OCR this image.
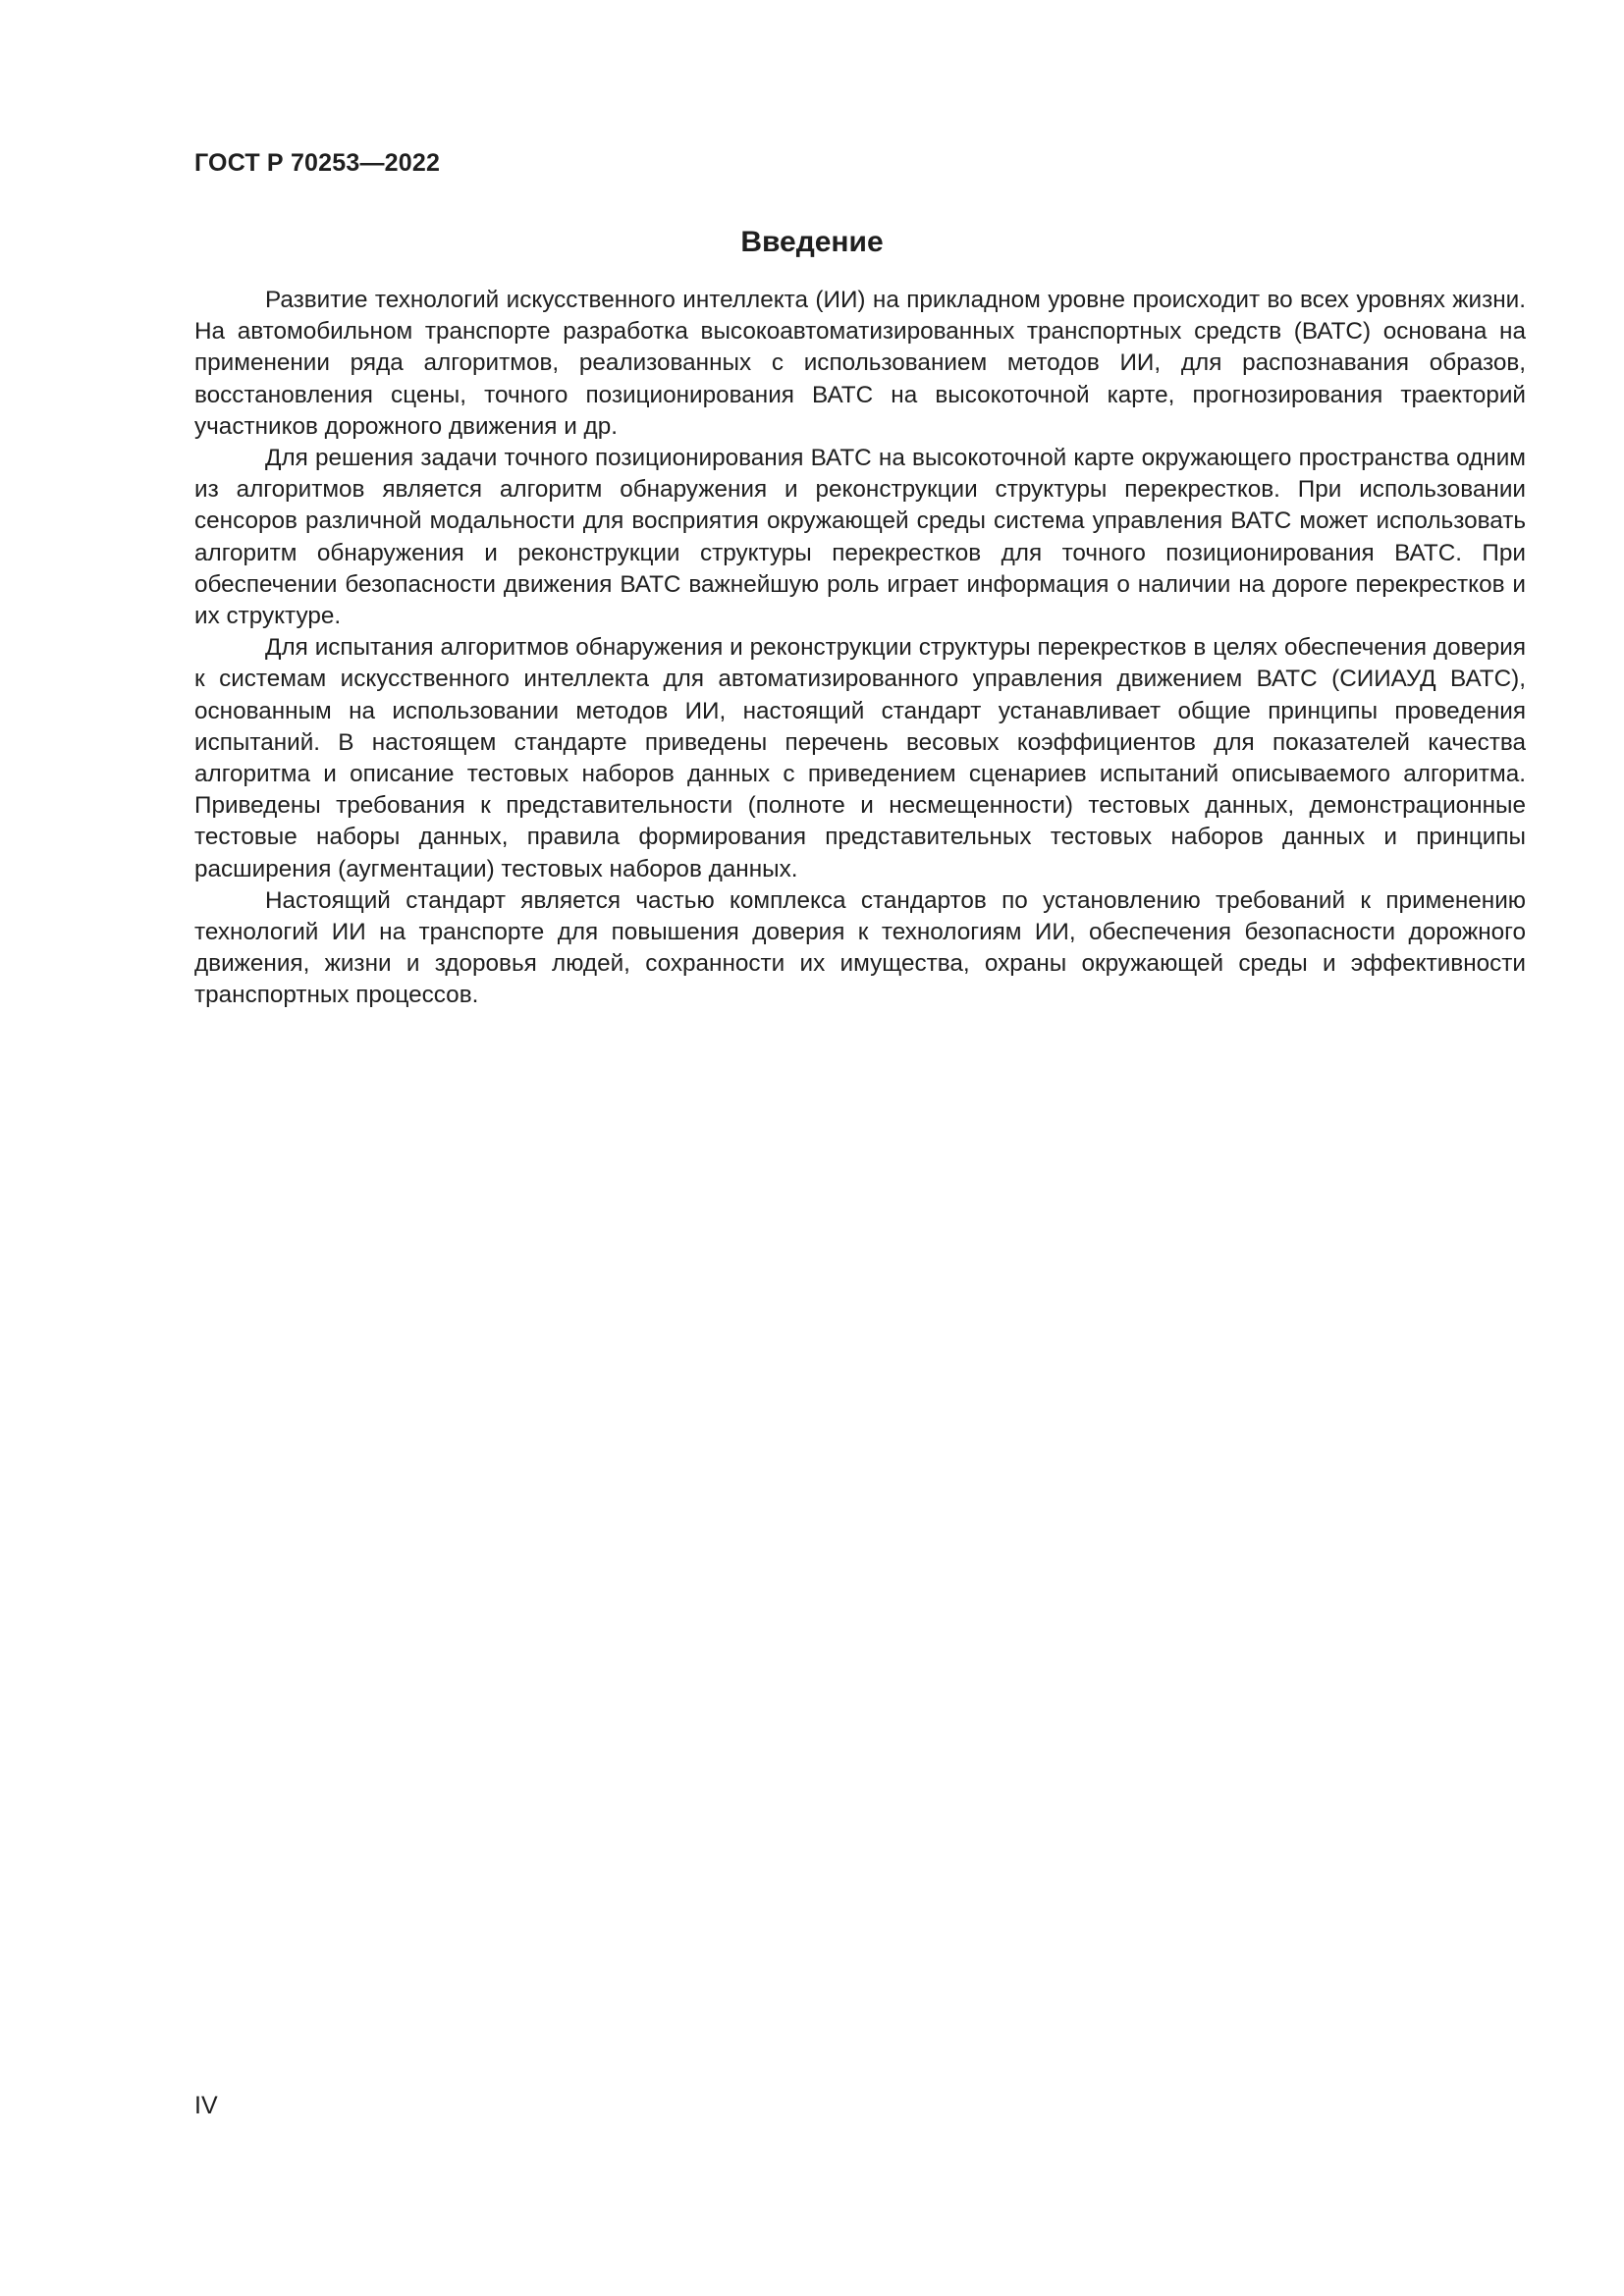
ГОСТ Р 70253—2022
Введение

Развитие технологий искусственного интеллекта (ИИ) на прикладном уровне происходит во всех уровнях жизни. На автомобильном транспорте разработка высокоавтоматизированных транспортных средств (ВАТС) основана на применении ряда алгоритмов, реализованных с использованием методов ИИ, для распознавания образов, восстановления сцены, точного позиционирования ВАТС на высокоточной карте, прогнозирования траекторий участников дорожного движения и др.

Для решения задачи точного позиционирования ВАТС на высокоточной карте окружающего пространства одним из алгоритмов является алгоритм обнаружения и реконструкции структуры перекрестков. При использовании сенсоров различной модальности для восприятия окружающей среды система управления ВАТС может использовать алгоритм обнаружения и реконструкции структуры перекрестков для точного позиционирования ВАТС. При обеспечении безопасности движения ВАТС важнейшую роль играет информация о наличии на дороге перекрестков и их структуре.

Для испытания алгоритмов обнаружения и реконструкции структуры перекрестков в целях обеспечения доверия к системам искусственного интеллекта для автоматизированного управления движением ВАТС (СИИАУД ВАТС), основанным на использовании методов ИИ, настоящий стандарт устанавливает общие принципы проведения испытаний. В настоящем стандарте приведены перечень весовых коэффициентов для показателей качества алгоритма и описание тестовых наборов данных с приведением сценариев испытаний описываемого алгоритма. Приведены требования к представительности (полноте и несмещенности) тестовых данных, демонстрационные тестовые наборы данных, правила формирования представительных тестовых наборов данных и принципы расширения (аугментации) тестовых наборов данных.

Настоящий стандарт является частью комплекса стандартов по установлению требований к применению технологий ИИ на транспорте для повышения доверия к технологиям ИИ, обеспечения безопасности дорожного движения, жизни и здоровья людей, сохранности их имущества, охраны окружающей среды и эффективности транспортных процессов.

IV
